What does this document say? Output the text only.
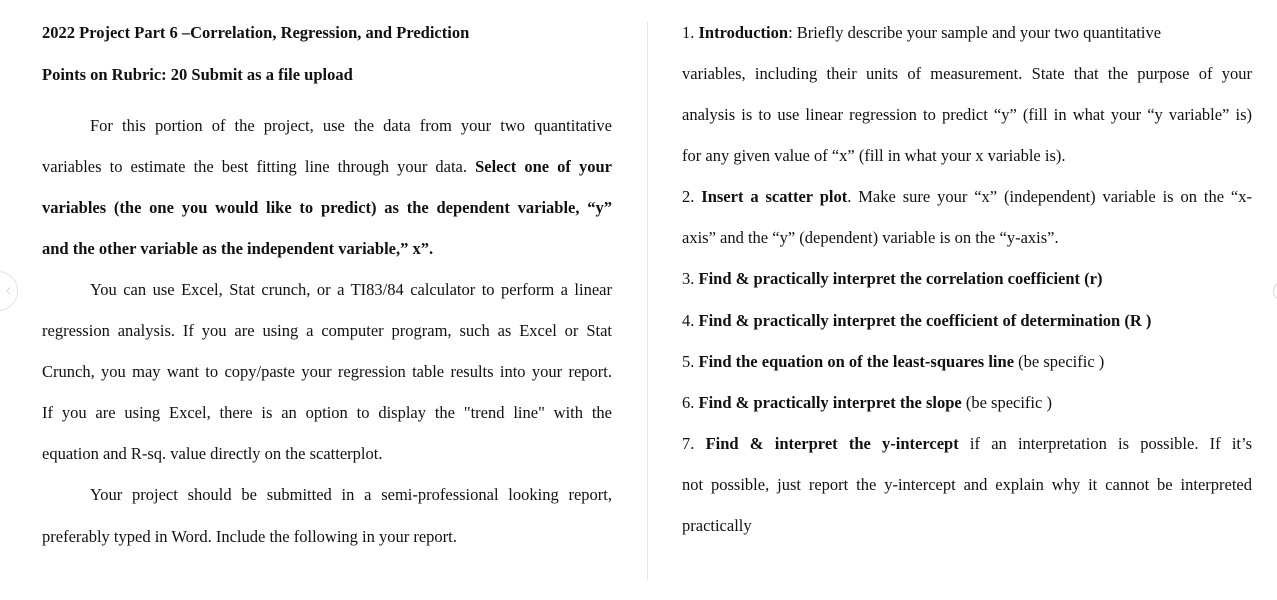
‹
2022 Project Part 6 –Correlation, Regression, and Prediction
Points on Rubric: 20 Submit as a file upload
For this portion of the project, use the data from your two quantitative
variables to estimate the best fitting line through your data. Select one of your
variables (the one you would like to predict) as the dependent variable, “y”
and the other variable as the independent variable,” x”.
You can use Excel, Stat crunch, or a TI83/84 calculator to perform a linear
regression analysis. If you are using a computer program, such as Excel or Stat
Crunch, you may want to copy/paste your regression table results into your report.
If you are using Excel, there is an option to display the "trend line" with the
equation and R-sq. value directly on the scatterplot.
Your project should be submitted in a semi-professional looking report,
preferably typed in Word. Include the following in your report.
1. Introduction: Briefly describe your sample and your two quantitative
variables, including their units of measurement. State that the purpose of your
analysis is to use linear regression to predict “y” (fill in what your “y variable” is)
for any given value of “x” (fill in what your x variable is).
2. Insert a scatter plot. Make sure your “x” (independent) variable is on the “x-
axis” and the “y” (dependent) variable is on the “y-axis”.
3. Find & practically interpret the correlation coefficient (r)
4. Find & practically interpret the coefficient of determination (R )
5. Find the equation on of the least-squares line (be specific )
6. Find & practically interpret the slope (be specific )
7. Find & interpret the y-intercept if an interpretation is possible. If it’s
not possible, just report the y-intercept and explain why it cannot be interpreted
practically
